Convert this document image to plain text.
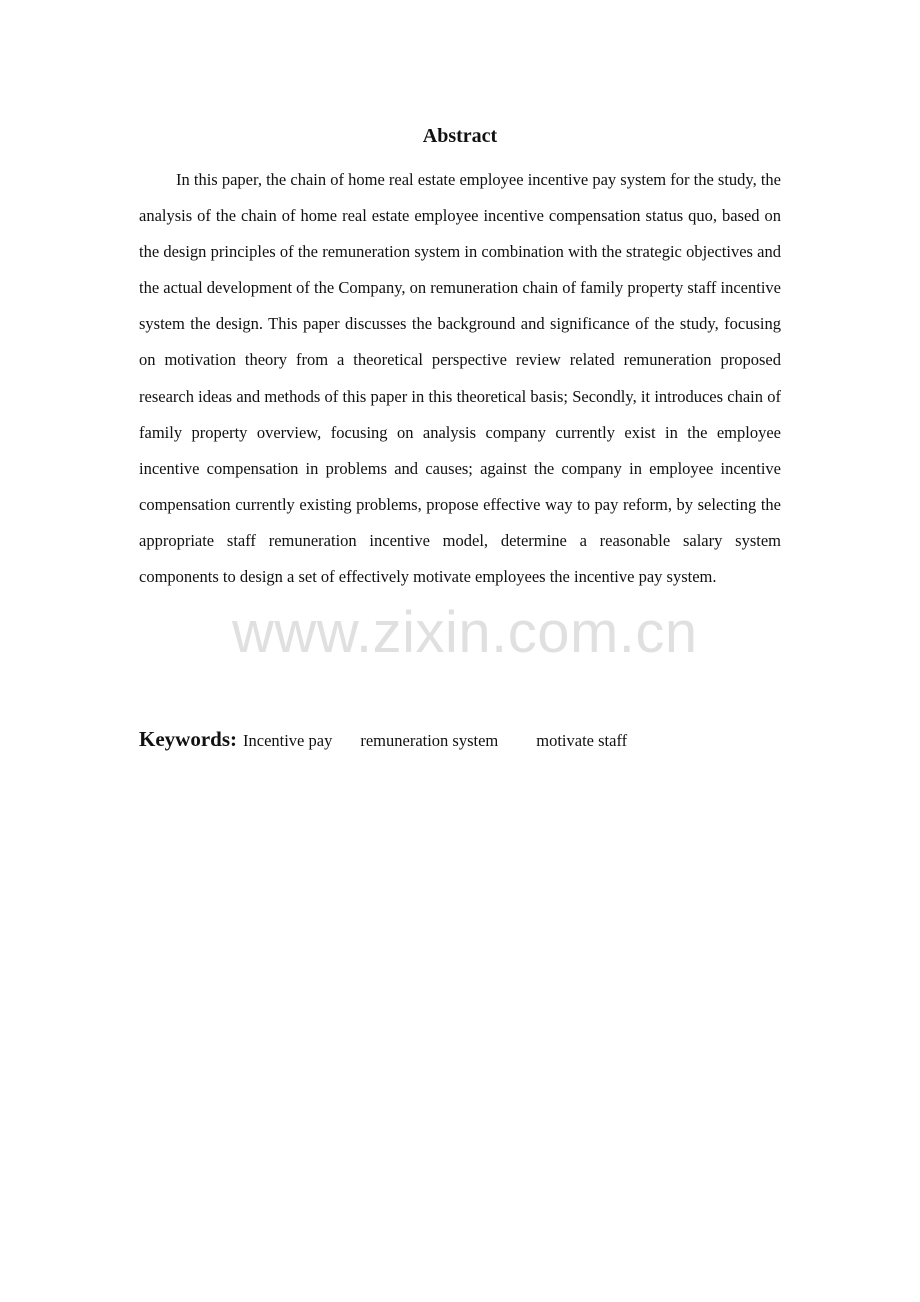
Abstract

In this paper, the chain of home real estate employee incentive pay system for the study, the analysis of the chain of home real estate employee incentive compensation status quo, based on the design principles of the remuneration system in combination with the strategic objectives and the actual development of the Company, on remuneration chain of family property staff incentive system the design. This paper discusses the background and significance of the study, focusing on motivation theory from a theoretical perspective review related remuneration proposed research ideas and methods of this paper in this theoretical basis; Secondly, it introduces chain of family property overview, focusing on analysis company currently exist in the employee incentive compensation in problems and causes; against the company in employee incentive compensation currently existing problems, propose effective way to pay reform, by selecting the appropriate staff remuneration incentive model, determine a reasonable salary system components to design a set of effectively motivate employees the incentive pay system.

www.zixin.com.cn
Keywords: Incentive pay remuneration system motivate staff
